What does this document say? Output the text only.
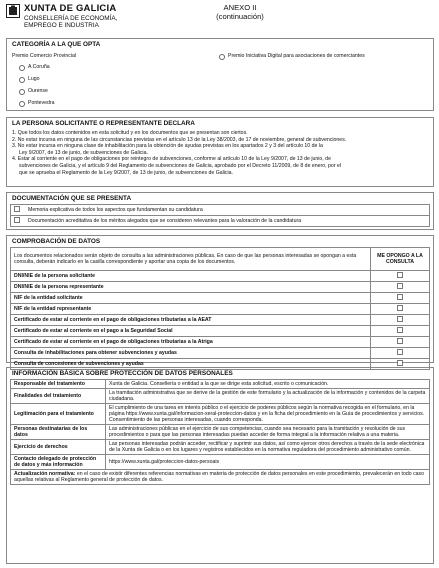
XUNTA DE GALICIA
CONSELLERÍA DE ECONOMÍA,
EMPREGO E INDUSTRIA
ANEXO II
(continuación)
CATEGORÍA A LA QUE OPTA
Premio Comercio Provincial	Premio Iniciativa Digital para asociaciones de comerciantes
A Coruña
Lugo
Ourense
Pontevedra
LA PERSONA SOLICITANTE O REPRESENTANTE DECLARA
1. Que todos los datos contenidos en esta solicitud y en los documentos que se presentan son ciertos.
2. No estar incursa en ninguna de las circunstancias previstas en el artículo 13 de la Ley 38/2003, de 17 de noviembre, general de subvenciones.
3. No estar incursa en ninguna clase de inhabilitación para la obtención de ayudas previstas en los apartados 2 y 3 del artículo 10 de la
Ley 9/2007, de 13 de junio, de subvenciones de Galicia.
4. Estar al corriente en el pago de obligaciones por reintegro de subvenciones, conforme al artículo 10 de la Ley 9/2007, de 13 de junio, de
subvenciones de Galicia, y el artículo 9 del Reglamento de subvenciones de Galicia, aprobado por el Decreto 11/2009, de 8 de enero, por el
que se aprueba el Reglamento de la Ley 9/2007, de 13 de junio, de subvenciones de Galicia.
DOCUMENTACIÓN QUE SE PRESENTA
	Memoria explicativa de todos los aspectos que fundamentan su candidatura
	Documentación acreditativa de los méritos alegados que se consideren relevantes para la valoración de la candidatura
COMPROBACIÓN DE DATOS
Los documentos relacionados serán objeto de consulta a las administraciones públicas. En caso de que las personas interesadas se opongan a esta consulta, deberán indicarlo en la casilla correspondiente y aportar una copia de los documentos.	ME OPONGO A LA CONSULTA
DNI/NIE de la persona solicitante	
DNI/NIE de la persona representante	
NIF de la entidad solicitante	
NIF de la entidad representante	
Certificado de estar al corriente en el pago de obligaciones tributarias a la AEAT	
Certificado de estar al corriente en el pago a la Seguridad Social	
Certificado de estar al corriente en el pago de obligaciones tributarias a la Atriga	
Consulta de inhabilitaciones para obtener subvenciones y ayudas	
Consulta de concesiones de subvenciones y ayudas	
INFORMACIÓN BÁSICA SOBRE PROTECCIÓN DE DATOS PERSONALES
Responsable del tratamiento	Xunta de Galicia. Consellería o entidad a la que se dirige esta solicitud, escrito o comunicación.
Finalidades del tratamiento	La tramitación administrativa que se derive de la gestión de este formulario y la actualización de la información y contenidos de la carpeta ciudadana.
Legitimación para el tratamiento	El cumplimiento de una tarea en interés público o el ejercicio de poderes públicos según la normativa recogida en el formulario, en la página https://www.xunta.gal/informacion-xeral-proteccion-datos y en la ficha del procedimiento en la Guía de procedimientos y servicios. Consentimiento de las personas interesadas, cuando corresponda.
Personas destinatarias de los datos	Las administraciones públicas en el ejercicio de sus competencias, cuando sea necesario para la tramitación y resolución de sus procedimientos o para que las personas interesadas puedan acceder de forma integral a la información relativa a una materia.
Ejercicio de derechos	Las personas interesadas podrán acceder, rectificar y suprimir sus datos, así como ejercer otros derechos a través de la sede electrónica de la Xunta de Galicia o en los lugares y registros establecidos en la normativa reguladora del procedimiento administrativo común.
Contacto delegado de protección de datos y más información	https://www.xunta.gal/proteccion-datos-persoais
Actualización normativa: en el caso de existir diferentes referencias normativas en materia de protección de datos personales en este procedimiento, prevalecerán en todo caso aquellas relativas al Reglamento general de protección de datos.	
